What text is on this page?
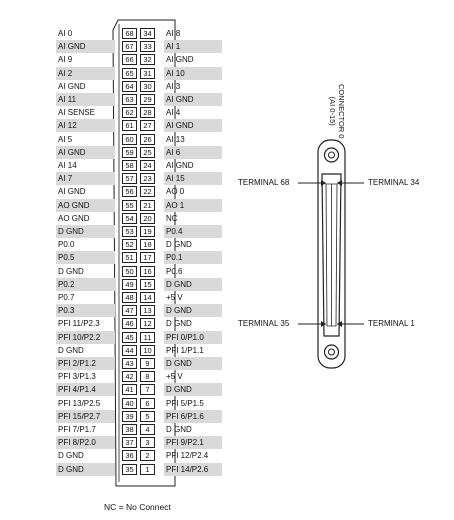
AI 0	68	34	AI 8
AI GND	67	33	AI 1
AI 9	66	32	AI GND
AI 2	65	31	AI 10
AI GND	64	30	AI 3
AI 11	63	29	AI GND
AI SENSE	62	28	AI 4
AI 12	61	27	AI GND
AI 5	60	26	AI 13
AI GND	59	25	AI 6
AI 14	58	24	AI GND
AI 7	57	23	AI 15
AI GND	56	22	AO 0
AO GND	55	21	AO 1
AO GND	54	20	NC
D GND	53	19	P0.4
P0.0	52	18	D GND
P0.5	51	17	P0.1
D GND	50	16	P0.6
P0.2	49	15	D GND
P0.7	48	14	+5 V
P0.3	47	13	D GND
PFI 11/P2.3	46	12	D GND
PFI 10/P2.2	45	11	PFI 0/P1.0
D GND	44	10	PFI 1/P1.1
PFI 2/P1.2	43	9	D GND
PFI 3/P1.3	42	8	+5 V
PFI 4/P1.4	41	7	D GND
PFI 13/P2.5	40	6	PFI 5/P1.5
PFI 15/P2.7	39	5	PFI 6/P1.6
PFI 7/P1.7	38	4	D GND
PFI 8/P2.0	37	3	PFI 9/P2.1
D GND	36	2	PFI 12/P2.4
D GND	35	1	PFI 14/P2.6
TERMINAL 68	TERMINAL 34
TERMINAL 35	TERMINAL 1
CONNECTOR 0
(AI 0-15)
NC = No Connect
